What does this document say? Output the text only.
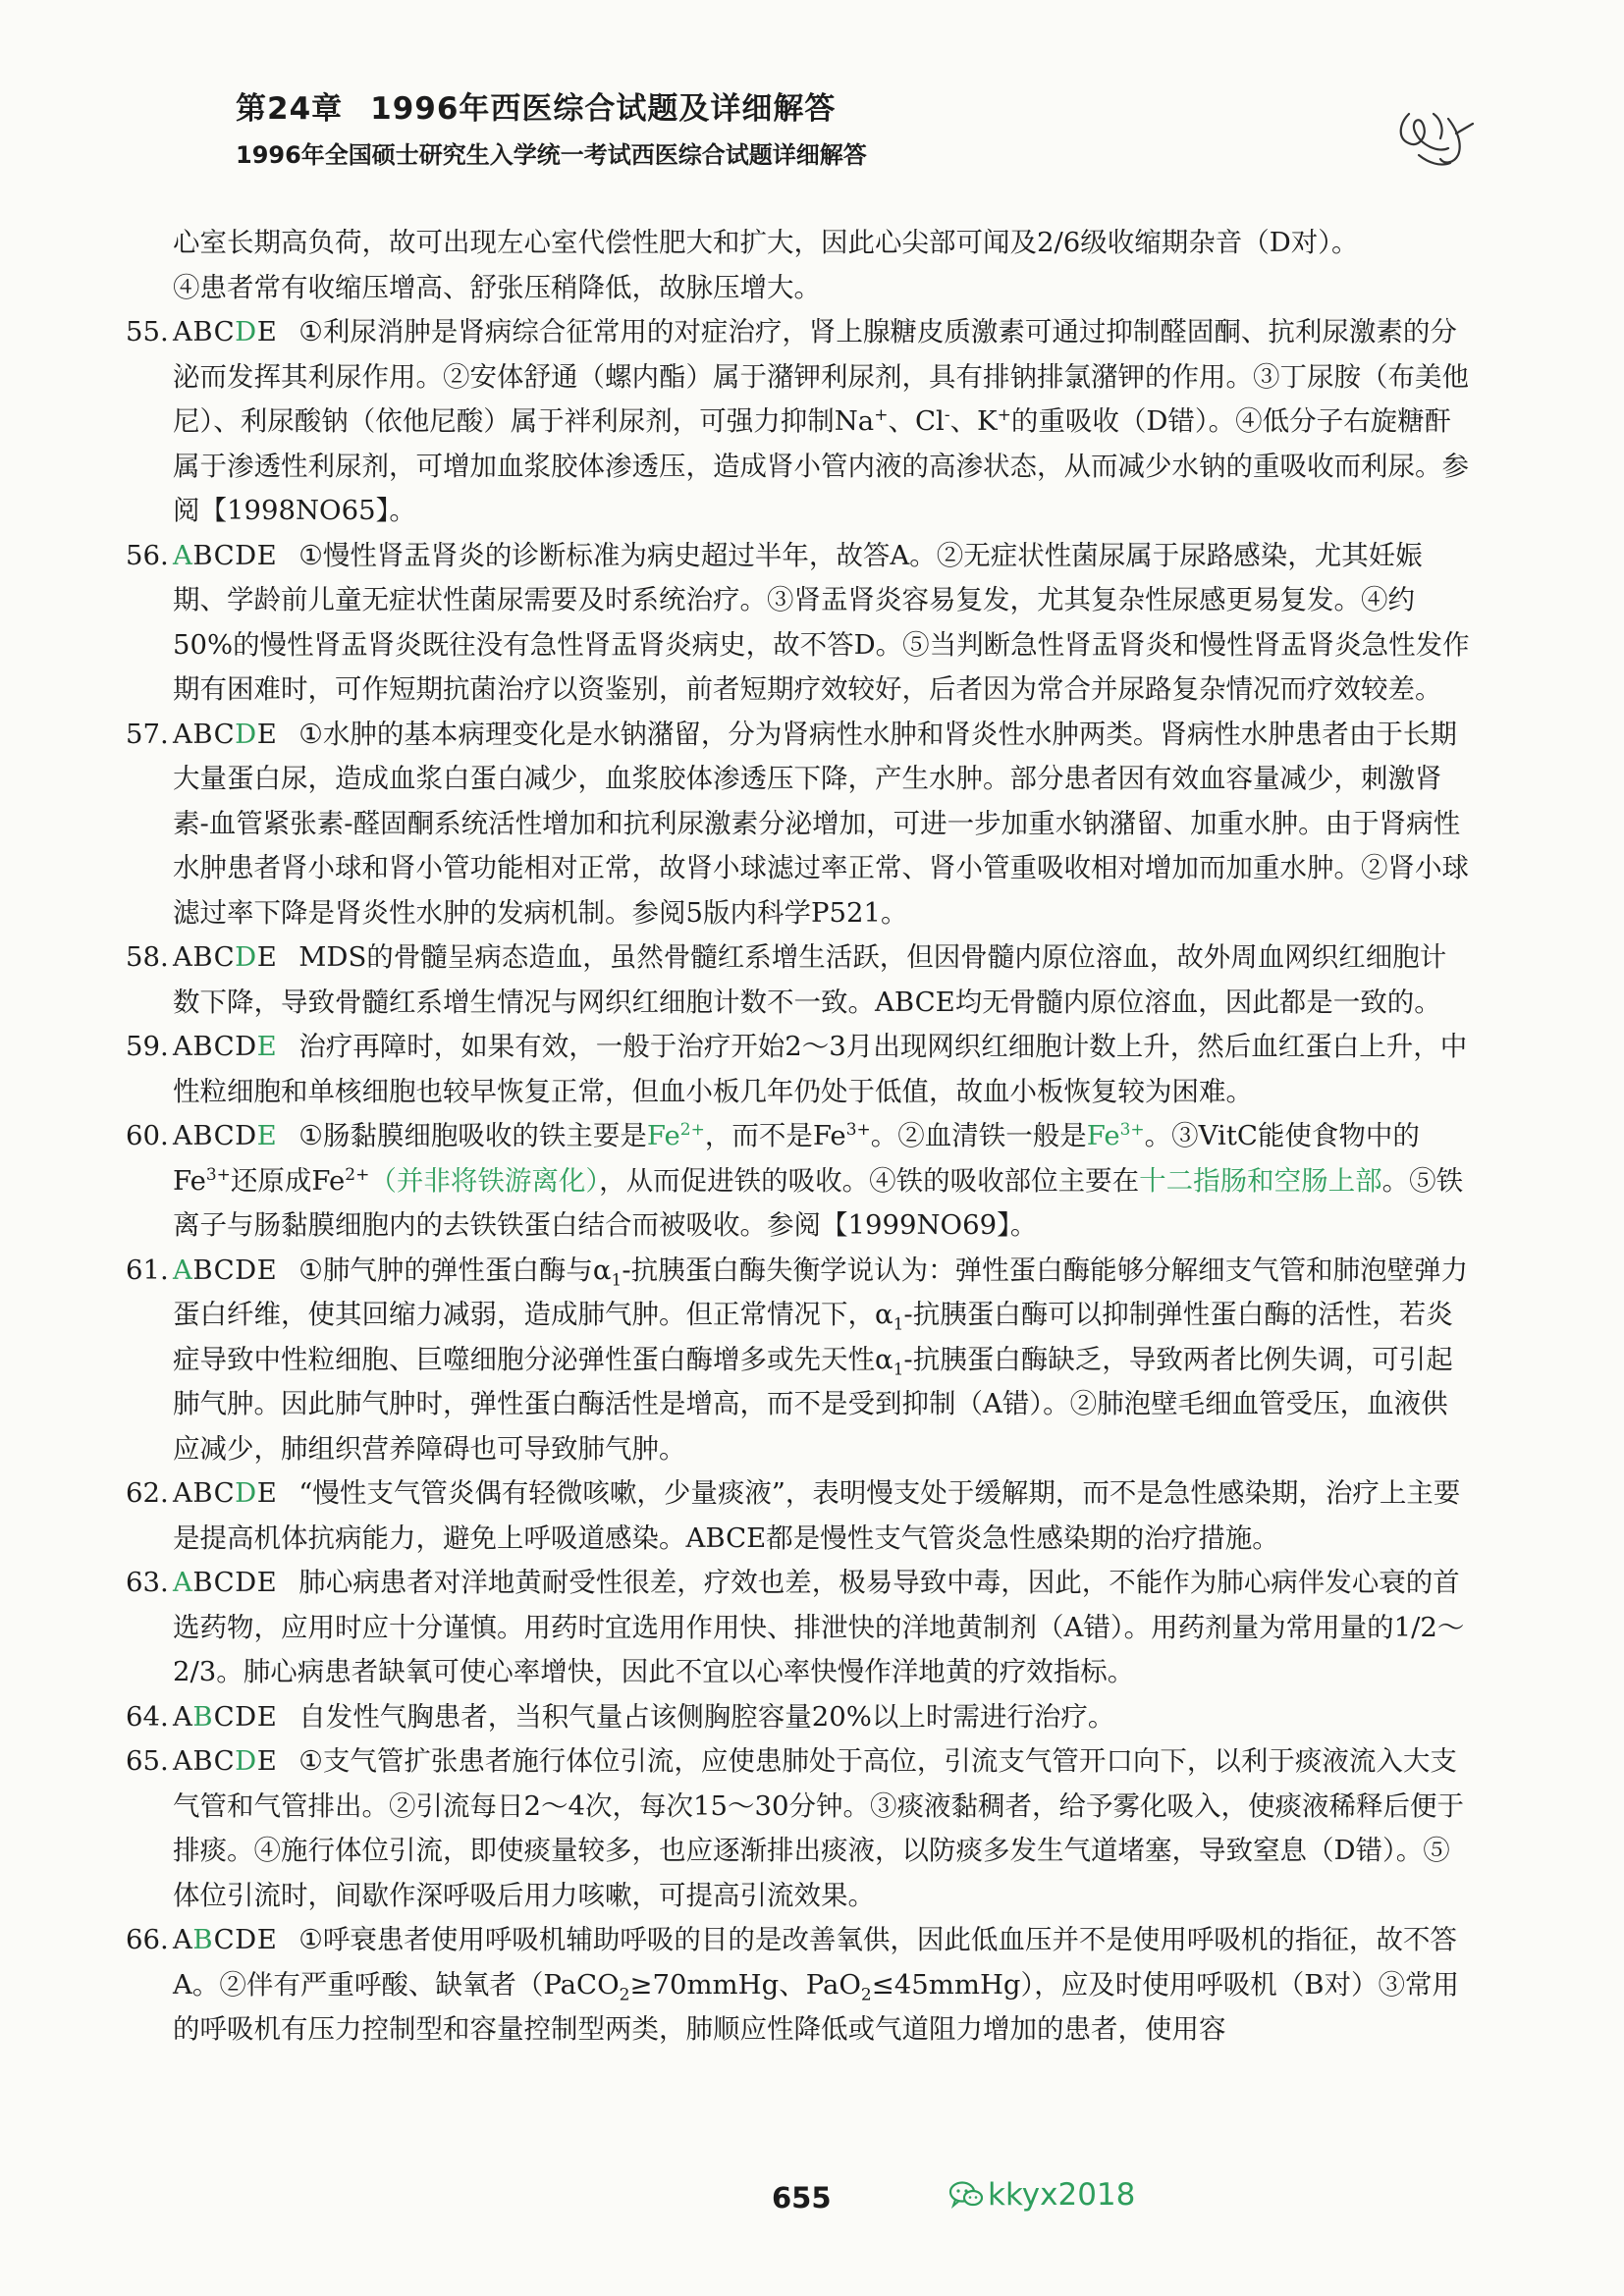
第24章 1996年西医综合试题及详细解答
1996年全国硕士研究生入学统一考试西医综合试题详细解答

心室长期高负荷，故可出现左心室代偿性肥大和扩大，因此心尖部可闻及2/6级收缩期杂音（D对）。
④患者常有收缩压增高、舒张压稍降低，故脉压增大。

55. ABCDE ①利尿消肿是肾病综合征常用的对症治疗，肾上腺糖皮质激素可通过抑制醛固酮、抗利尿激素的分泌而发挥其利尿作用。②安体舒通（螺内酯）属于潴钾利尿剂，具有排钠排氯潴钾的作用。③丁尿胺（布美他尼）、利尿酸钠（依他尼酸）属于袢利尿剂，可强力抑制Na+、Cl-、K+的重吸收（D错）。④低分子右旋糖酐属于渗透性利尿剂，可增加血浆胶体渗透压，造成肾小管内液的高渗状态，从而减少水钠的重吸收而利尿。参阅【1998NO65】。

56. ABCDE ①慢性肾盂肾炎的诊断标准为病史超过半年，故答A。②无症状性菌尿属于尿路感染，尤其妊娠期、学龄前儿童无症状性菌尿需要及时系统治疗。③肾盂肾炎容易复发，尤其复杂性尿感更易复发。④约50%的慢性肾盂肾炎既往没有急性肾盂肾炎病史，故不答D。⑤当判断急性肾盂肾炎和慢性肾盂肾炎急性发作期有困难时，可作短期抗菌治疗以资鉴别，前者短期疗效较好，后者因为常合并尿路复杂情况而疗效较差。

57. ABCDE ①水肿的基本病理变化是水钠潴留，分为肾病性水肿和肾炎性水肿两类。肾病性水肿患者由于长期大量蛋白尿，造成血浆白蛋白减少，血浆胶体渗透压下降，产生水肿。部分患者因有效血容量减少，刺激肾素-血管紧张素-醛固酮系统活性增加和抗利尿激素分泌增加，可进一步加重水钠潴留、加重水肿。由于肾病性水肿患者肾小球和肾小管功能相对正常，故肾小球滤过率正常、肾小管重吸收相对增加而加重水肿。②肾小球滤过率下降是肾炎性水肿的发病机制。参阅5版内科学P521。

58. ABCDE MDS的骨髓呈病态造血，虽然骨髓红系增生活跃，但因骨髓内原位溶血，故外周血网织红细胞计数下降，导致骨髓红系增生情况与网织红细胞计数不一致。ABCE均无骨髓内原位溶血，因此都是一致的。

59. ABCDE 治疗再障时，如果有效，一般于治疗开始2～3月出现网织红细胞计数上升，然后血红蛋白上升，中性粒细胞和单核细胞也较早恢复正常，但血小板几年仍处于低值，故血小板恢复较为困难。

60. ABCDE ①肠黏膜细胞吸收的铁主要是$Fe^{2+}$，而不是$Fe^{3+}$。②血清铁一般是$Fe^{3+}$。③VitC能使食物中的$Fe^{3+}$还原成$Fe^{2+}$（并非将铁游离化），从而促进铁的吸收。④铁的吸收部位主要在十二指肠和空肠上部。⑤铁离子与肠黏膜细胞内的去铁铁蛋白结合而被吸收。参阅【1999NO69】。

61. ABCDE ①肺气肿的弹性蛋白酶与$\alpha_1-$抗胰蛋白酶失衡学说认为：弹性蛋白酶能够分解细支气管和肺泡壁弹力蛋白纤维，使其回缩力减弱，造成肺气肿。但正常情况下，$\alpha_1-$抗胰蛋白酶可以抑制弹性蛋白酶的活性，若炎症导致中性粒细胞、巨噬细胞分泌弹性蛋白酶增多或先天性$\alpha_1-$抗胰蛋白酶缺乏，导致两者比例失调，可引起肺气肿。因此肺气肿时，弹性蛋白酶活性是增高，而不是受到抑制（A错）。②肺泡壁毛细血管受压，血液供应减少，肺组织营养障碍也可导致肺气肿。

62. ABCDE “慢性支气管炎偶有轻微咳嗽，少量痰液”，表明慢支处于缓解期，而不是急性感染期，治疗上主要是提高机体抗病能力，避免上呼吸道感染。ABCE都是慢性支气管炎急性感染期的治疗措施。

63. ABCDE 肺心病患者对洋地黄耐受性很差，疗效也差，极易导致中毒，因此，不能作为肺心病伴发心衰的首选药物，应用时应十分谨慎。用药时宜选用作用快、排泄快的洋地黄制剂（A错）。用药剂量为常用量的1/2～2/3。肺心病患者缺氧可使心率增快，因此不宜以心率快慢作洋地黄的疗效指标。

64. ABCDE 自发性气胸患者，当积气量占该侧胸腔容量20%以上时需进行治疗。

65. ABCDE ①支气管扩张患者施行体位引流，应使患肺处于高位，引流支气管开口向下，以利于痰液流入大支气管和气管排出。②引流每日2～4次，每次15～30分钟。③痰液黏稠者，给予雾化吸入，使痰液稀释后便于排痰。④施行体位引流，即使痰量较多，也应逐渐排出痰液，以防痰多发生气道堵塞，导致窒息（D错）。⑤体位引流时，间歇作深呼吸后用力咳嗽，可提高引流效果。

66. ABCDE ①呼衰患者使用呼吸机辅助呼吸的目的是改善氧供，因此低血压并不是使用呼吸机的指征，故不答A。②伴有严重呼酸、缺氧者（PaCO$_2$≥70mmHg、PaO$_2$≤45mmHg），应及时使用呼吸机（B对）③常用的呼吸机有压力控制型和容量控制型两类，肺顺应性降低或气道阻力增加的患者，使用容

655	kkyx2018
